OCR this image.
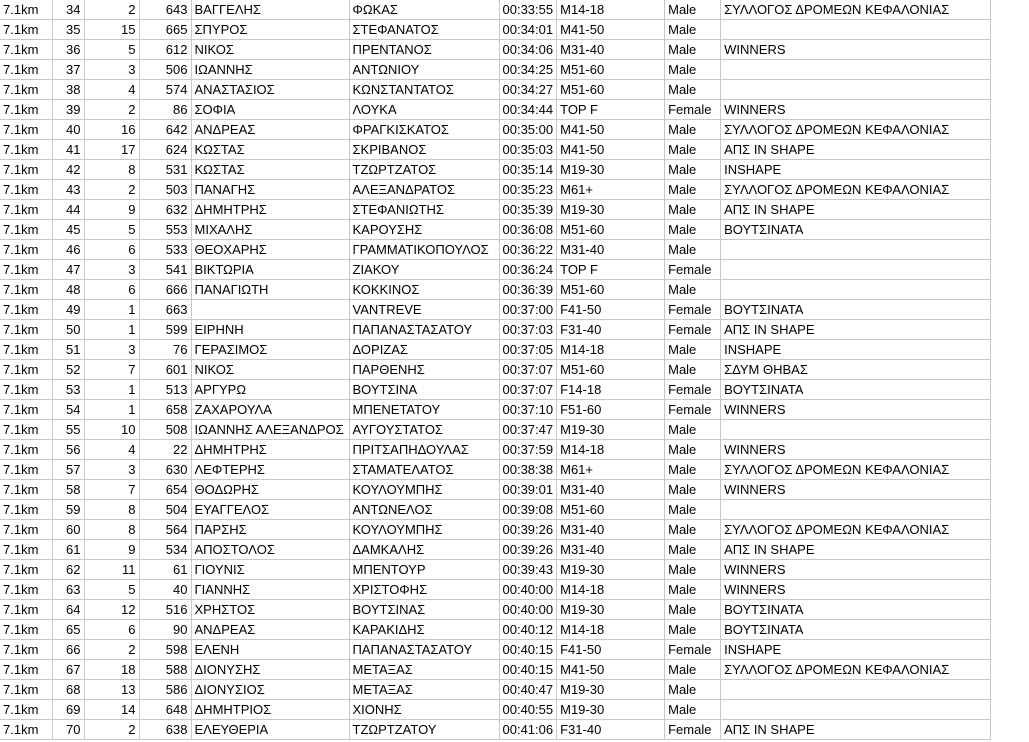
7.1km	34	2	643	ΒΑΓΓΕΛΗΣ	ΦΩΚΑΣ	00:33:55	M14-18	Male	ΣΥΛΛΟΓΟΣ ΔΡΟΜΕΩΝ ΚΕΦΑΛΟΝΙΑΣ
7.1km	35	15	665	ΣΠΥΡΟΣ	ΣΤΕΦΑΝΑΤΟΣ	00:34:01	M41-50	Male	
7.1km	36	5	612	ΝΙΚΟΣ	ΠΡΕΝΤΑΝΟΣ	00:34:06	M31-40	Male	WINNERS
7.1km	37	3	506	ΙΩΑΝΝΗΣ	ΑΝΤΩΝΙΟΥ	00:34:25	M51-60	Male	
7.1km	38	4	574	ΑΝΑΣΤΑΣΙΟΣ	ΚΩΝΣΤΑΝΤΑΤΟΣ	00:34:27	M51-60	Male	
7.1km	39	2	86	ΣΟΦΙΑ	ΛΟΥΚΑ	00:34:44	TOP F	Female	WINNERS
7.1km	40	16	642	ΑΝΔΡΕΑΣ	ΦΡΑΓΚΙΣΚΑΤΟΣ	00:35:00	M41-50	Male	ΣΥΛΛΟΓΟΣ ΔΡΟΜΕΩΝ ΚΕΦΑΛΟΝΙΑΣ
7.1km	41	17	624	ΚΩΣΤΑΣ	ΣΚΡΙΒΑΝΟΣ	00:35:03	M41-50	Male	ΑΠΣ IN SHAPE
7.1km	42	8	531	ΚΩΣΤΑΣ	ΤΖΩΡΤΖΑΤΟΣ	00:35:14	M19-30	Male	INSHAPE
7.1km	43	2	503	ΠΑΝΑΓΗΣ	ΑΛΕΞΑΝΔΡΑΤΟΣ	00:35:23	M61+	Male	ΣΥΛΛΟΓΟΣ ΔΡΟΜΕΩΝ ΚΕΦΑΛΟΝΙΑΣ
7.1km	44	9	632	ΔΗΜΗΤΡΗΣ	ΣΤΕΦΑΝΙΩΤΗΣ	00:35:39	M19-30	Male	ΑΠΣ IN SHAPE
7.1km	45	5	553	ΜΙΧΑΛΗΣ	ΚΑΡΟΥΣΗΣ	00:36:08	M51-60	Male	ΒΟΥΤΣΙΝΑΤΑ
7.1km	46	6	533	ΘΕΟΧΑΡΗΣ	ΓΡΑΜΜΑΤΙΚΟΠΟΥΛΟΣ	00:36:22	M31-40	Male	
7.1km	47	3	541	ΒΙΚΤΩΡΙΑ	ΖΙΑΚΟΥ	00:36:24	TOP F	Female	
7.1km	48	6	666	ΠΑΝΑΓΙΩΤΗ	ΚΟΚΚΙΝΟΣ	00:36:39	M51-60	Male	
7.1km	49	1	663		VANTREVE	00:37:00	F41-50	Female	ΒΟΥΤΣΙΝΑΤΑ
7.1km	50	1	599	ΕΙΡΗΝΗ	ΠΑΠΑΝΑΣΤΑΣΑΤΟΥ	00:37:03	F31-40	Female	ΑΠΣ IN SHAPE
7.1km	51	3	76	ΓΕΡΑΣΙΜΟΣ	ΔΟΡΙΖΑΣ	00:37:05	M14-18	Male	INSHAPE
7.1km	52	7	601	ΝΙΚΟΣ	ΠΑΡΘΕΝΗΣ	00:37:07	M51-60	Male	ΣΔΥΜ ΘΗΒΑΣ
7.1km	53	1	513	ΑΡΓΥΡΩ	ΒΟΥΤΣΙΝΑ	00:37:07	F14-18	Female	ΒΟΥΤΣΙΝΑΤΑ
7.1km	54	1	658	ΖΑΧΑΡΟΥΛΑ	ΜΠΕΝΕΤΑΤΟΥ	00:37:10	F51-60	Female	WINNERS
7.1km	55	10	508	ΙΩΑΝΝΗΣ ΑΛΕΞΑΝΔΡΟΣ	ΑΥΓΟΥΣΤΑΤΟΣ	00:37:47	M19-30	Male	
7.1km	56	4	22	ΔΗΜΗΤΡΗΣ	ΠΡΙΤΣΑΠΗΔΟΥΛΑΣ	00:37:59	M14-18	Male	WINNERS
7.1km	57	3	630	ΛΕΦΤΕΡΗΣ	ΣΤΑΜΑΤΕΛΑΤΟΣ	00:38:38	M61+	Male	ΣΥΛΛΟΓΟΣ ΔΡΟΜΕΩΝ ΚΕΦΑΛΟΝΙΑΣ
7.1km	58	7	654	ΘΟΔΩΡΗΣ	ΚΟΥΛΟΥΜΠΗΣ	00:39:01	M31-40	Male	WINNERS
7.1km	59	8	504	ΕΥΑΓΓΕΛΟΣ	ΑΝΤΩΝΕΛΟΣ	00:39:08	M51-60	Male	
7.1km	60	8	564	ΠΑΡΣΗΣ	ΚΟΥΛΟΥΜΠΗΣ	00:39:26	M31-40	Male	ΣΥΛΛΟΓΟΣ ΔΡΟΜΕΩΝ ΚΕΦΑΛΟΝΙΑΣ
7.1km	61	9	534	ΑΠΟΣΤΟΛΟΣ	ΔΑΜΚΑΛΗΣ	00:39:26	M31-40	Male	ΑΠΣ IN SHAPE
7.1km	62	11	61	ΓΙΟΥΝΙΣ	ΜΠΕΝΤΟΥΡ	00:39:43	M19-30	Male	WINNERS
7.1km	63	5	40	ΓΙΑΝΝΗΣ	ΧΡΙΣΤΟΦΗΣ	00:40:00	M14-18	Male	WINNERS
7.1km	64	12	516	ΧΡΗΣΤΟΣ	ΒΟΥΤΣΙΝΑΣ	00:40:00	M19-30	Male	ΒΟΥΤΣΙΝΑΤΑ
7.1km	65	6	90	ΑΝΔΡΕΑΣ	ΚΑΡΑΚΙΔΗΣ	00:40:12	M14-18	Male	ΒΟΥΤΣΙΝΑΤΑ
7.1km	66	2	598	ΕΛΕΝΗ	ΠΑΠΑΝΑΣΤΑΣΑΤΟΥ	00:40:15	F41-50	Female	INSHAPE
7.1km	67	18	588	ΔΙΟΝΥΣΗΣ	ΜΕΤΑΞΑΣ	00:40:15	M41-50	Male	ΣΥΛΛΟΓΟΣ ΔΡΟΜΕΩΝ ΚΕΦΑΛΟΝΙΑΣ
7.1km	68	13	586	ΔΙΟΝΥΣΙΟΣ	ΜΕΤΑΞΑΣ	00:40:47	M19-30	Male	
7.1km	69	14	648	ΔΗΜΗΤΡΙΟΣ	ΧΙΟΝΗΣ	00:40:55	M19-30	Male	
7.1km	70	2	638	ΕΛΕΥΘΕΡΙΑ	ΤΖΩΡΤΖΑΤΟΥ	00:41:06	F31-40	Female	ΑΠΣ IN SHAPE
